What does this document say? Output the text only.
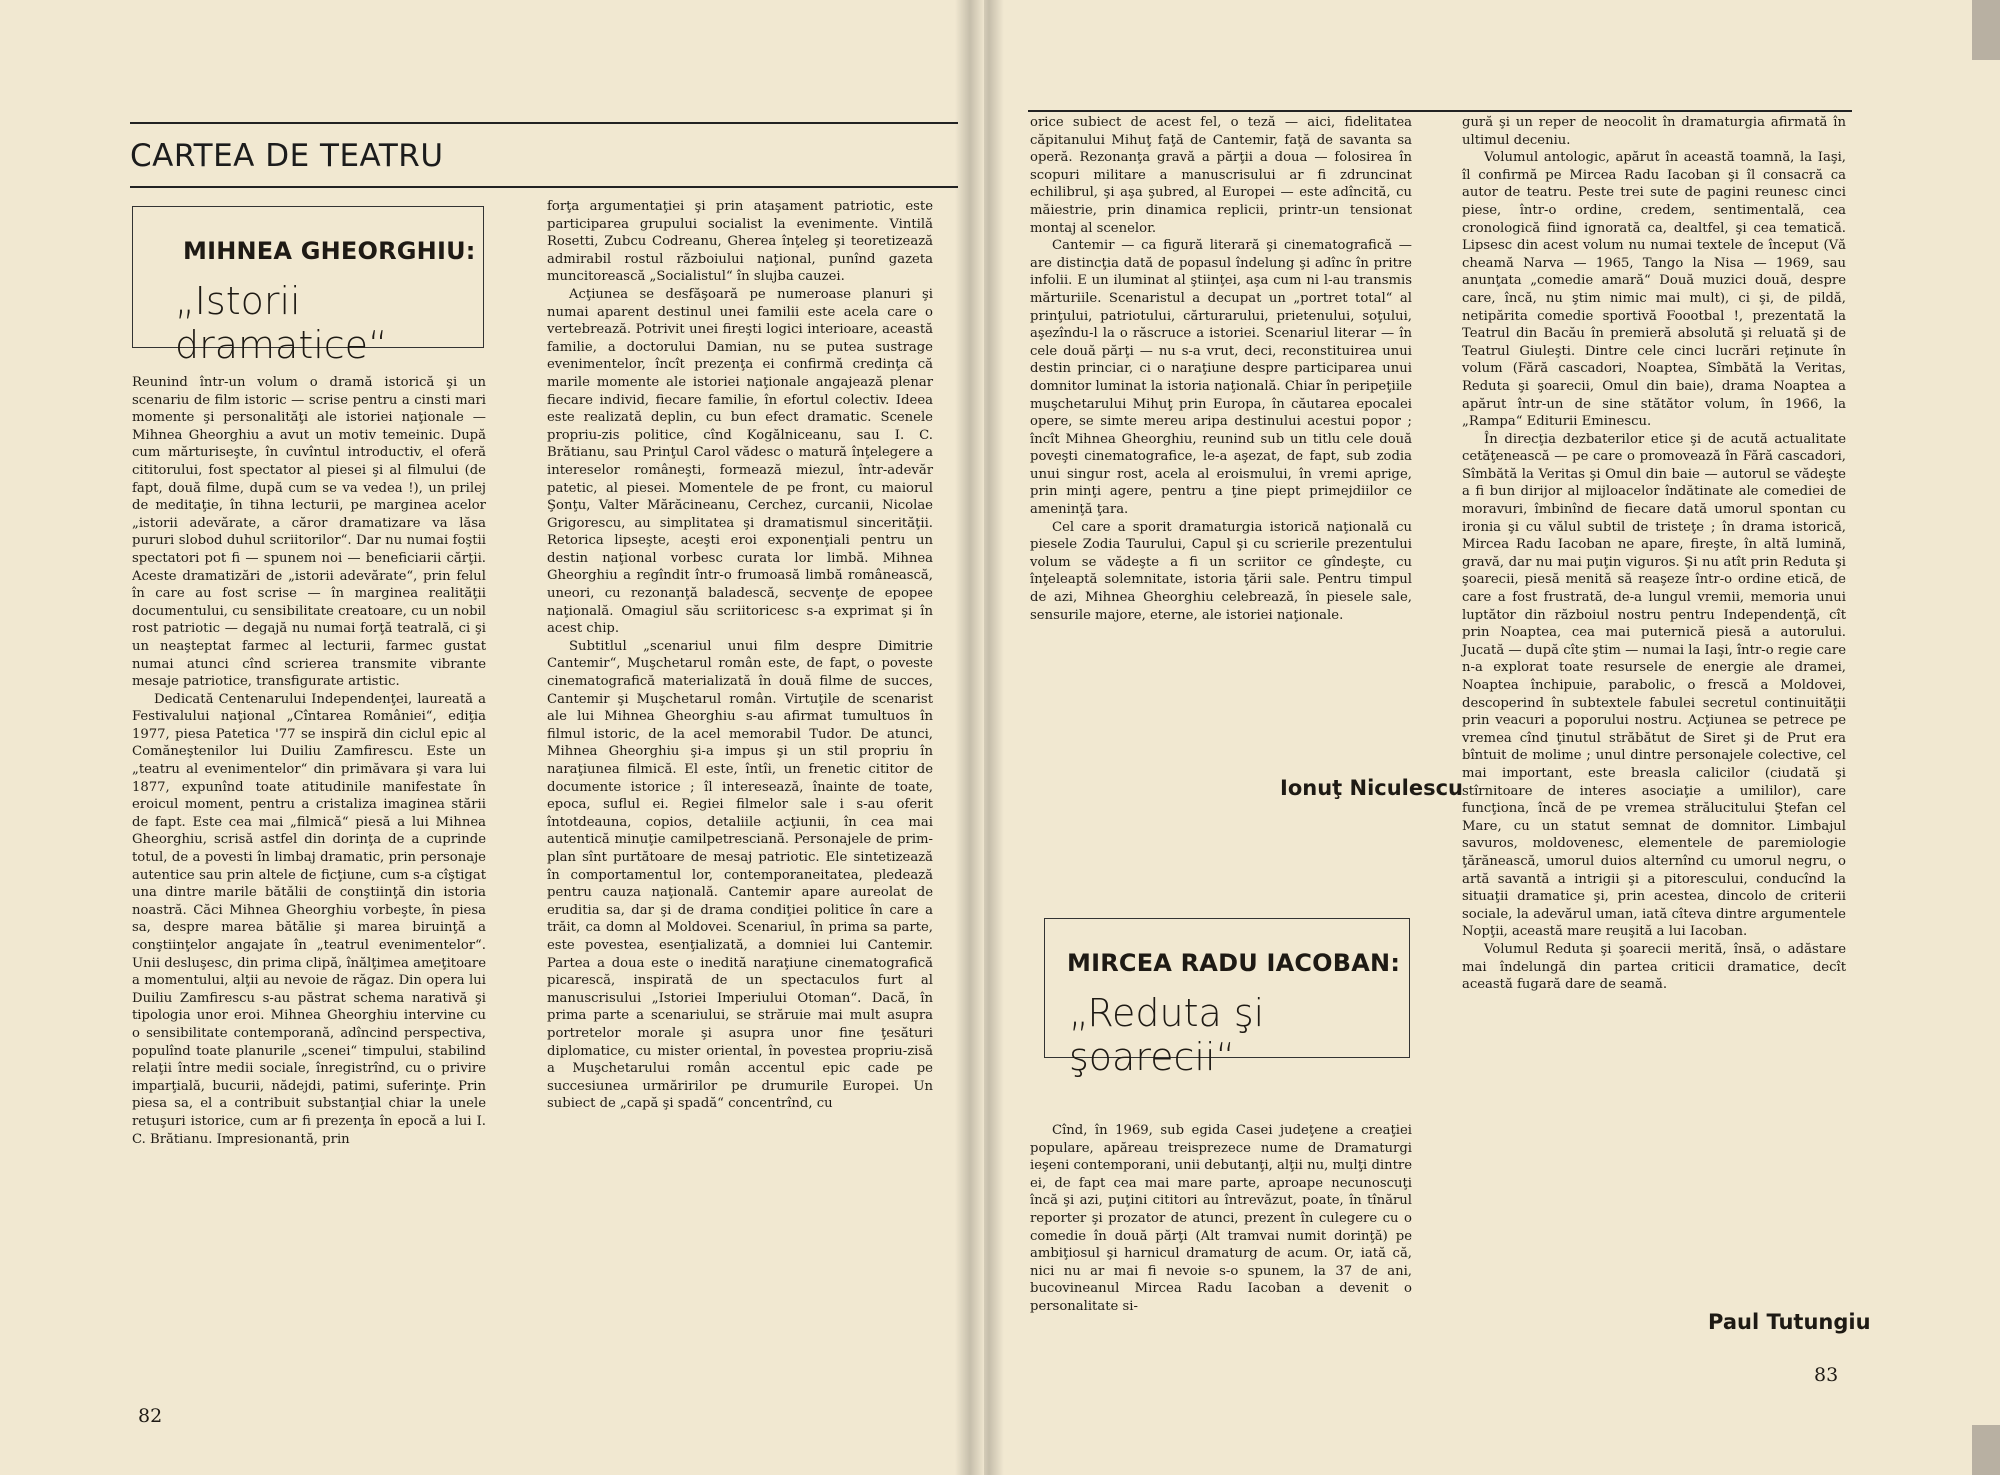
CARTEA DE TEATRU
MIHNEA GHEORGHIU:
„Istorii dramatice“

Reunind într-un volum o dramă istorică şi un scenariu de film istoric — scrise pentru a cinsti mari momente şi personalităţi ale istoriei naţionale — Mihnea Gheorghiu a avut un motiv temeinic. După cum mărturiseşte, în cuvîntul introductiv, el oferă cititorului, fost spectator al piesei şi al filmului (de fapt, două filme, după cum se va vedea !), un prilej de meditaţie, în tihna lecturii, pe marginea acelor „istorii adevărate, a căror dramatizare va lăsa pururi slobod duhul scriitorilor“. Dar nu numai foştii spectatori pot fi — spunem noi — beneficiarii cărţii. Aceste dramatizări de „istorii adevărate“, prin felul în care au fost scrise — în marginea realităţii documentului, cu sensibilitate creatoare, cu un nobil rost patriotic — degajă nu numai forţă teatrală, ci şi un neaşteptat farmec al lecturii, farmec gustat numai atunci cînd scrierea transmite vibrante mesaje patriotice, transfigurate artistic.

Dedicată Centenarului Independenţei, laureată a Festivalului naţional „Cîntarea României“, ediţia 1977, piesa Patetica '77 se inspiră din ciclul epic al Comăneştenilor lui Duiliu Zamfirescu. Este un „teatru al evenimentelor“ din primăvara şi vara lui 1877, expunînd toate atitudinile manifestate în eroicul moment, pentru a cristaliza imaginea stării de fapt. Este cea mai „filmică“ piesă a lui Mihnea Gheorghiu, scrisă astfel din dorinţa de a cuprinde totul, de a povesti în limbaj dramatic, prin personaje autentice sau prin altele de ficţiune, cum s-a cîştigat una dintre marile bătălii de conştiinţă din istoria noastră. Căci Mihnea Gheorghiu vorbeşte, în piesa sa, despre marea bătălie şi marea biruinţă a conştiinţelor angajate în „teatrul evenimentelor“. Unii desluşesc, din prima clipă, înălţimea ameţitoare a momentului, alţii au nevoie de răgaz. Din opera lui Duiliu Zamfirescu s-au păstrat schema narativă şi tipologia unor eroi. Mihnea Gheorghiu intervine cu o sensibilitate contemporană, adîncind perspectiva, populînd toate planurile „scenei“ timpului, stabilind relaţii între medii sociale, înregistrînd, cu o privire imparţială, bucurii, nădejdi, patimi, suferinţe. Prin piesa sa, el a contribuit substanţial chiar la unele retuşuri istorice, cum ar fi prezenţa în epocă a lui I. C. Brătianu. Impresionantă, prin

forţa argumentaţiei şi prin ataşament patriotic, este participarea grupului socialist la evenimente. Vintilă Rosetti, Zubcu Codreanu, Gherea înţeleg şi teoretizează admirabil rostul războiului naţional, punînd gazeta muncitorească „Socialistul“ în slujba cauzei.

Acţiunea se desfăşoară pe numeroase planuri şi numai aparent destinul unei familii este acela care o vertebrează. Potrivit unei fireşti logici interioare, această familie, a doctorului Damian, nu se putea sustrage evenimentelor, încît prezenţa ei confirmă credinţa că marile momente ale istoriei naţionale angajează plenar fiecare individ, fiecare familie, în efortul colectiv. Ideea este realizată deplin, cu bun efect dramatic. Scenele propriu-zis politice, cînd Kogălniceanu, sau I. C. Brătianu, sau Prinţul Carol vădesc o matură înţelegere a intereselor româneşti, formează miezul, într-adevăr patetic, al piesei. Momentele de pe front, cu maiorul Şonţu, Valter Mărăcineanu, Cerchez, curcanii, Nicolae Grigorescu, au simplitatea şi dramatismul sincerităţii. Retorica lipseşte, aceşti eroi exponenţiali pentru un destin naţional vorbesc curata lor limbă. Mihnea Gheorghiu a regîndit într-o frumoasă limbă românească, uneori, cu rezonanţă baladescă, secvenţe de epopee naţională. Omagiul său scriitoricesc s-a exprimat şi în acest chip.

Subtitlul „scenariul unui film despre Dimitrie Cantemir“, Muşchetarul român este, de fapt, o poveste cinematografică materializată în două filme de succes, Cantemir şi Muşchetarul român. Virtuţile de scenarist ale lui Mihnea Gheorghiu s-au afirmat tumultuos în filmul istoric, de la acel memorabil Tudor. De atunci, Mihnea Gheorghiu şi-a impus şi un stil propriu în naraţiunea filmică. El este, întîi, un frenetic cititor de documente istorice ; îl interesează, înainte de toate, epoca, suflul ei. Regiei filmelor sale i s-au oferit întotdeauna, copios, detaliile acţiunii, în cea mai autentică minuţie camilpetresciană. Personajele de prim-plan sînt purtătoare de mesaj patriotic. Ele sintetizează în comportamentul lor, contemporaneitatea, pledează pentru cauza naţională. Cantemir apare aureolat de eruditia sa, dar şi de drama condiţiei politice în care a trăit, ca domn al Moldovei. Scenariul, în prima sa parte, este povestea, esenţializată, a domniei lui Cantemir. Partea a doua este o inedită naraţiune cinematografică picarescă, inspirată de un spectaculos furt al manuscrisului „Istoriei Imperiului Otoman“. Dacă, în prima parte a scenariului, se străruie mai mult asupra portretelor morale şi asupra unor fine ţesături diplomatice, cu mister oriental, în povestea propriu-zisă a Muşchetarului român accentul epic cade pe succesiunea urmăririlor pe drumurile Europei. Un subiect de „capă şi spadă“ concentrînd, cu

82

orice subiect de acest fel, o teză — aici, fidelitatea căpitanului Mihuţ faţă de Cantemir, faţă de savanta sa operă. Rezonanţa gravă a părţii a doua — folosirea în scopuri militare a manuscrisului ar fi zdruncinat echilibrul, şi aşa şubred, al Europei — este adîncită, cu măiestrie, prin dinamica replicii, printr-un tensionat montaj al scenelor.

Cantemir — ca figură literară şi cinematografică — are distincţia dată de popasul îndelung şi adînc în pritre infolii. E un iluminat al ştiinţei, aşa cum ni l-au transmis mărturiile. Scenaristul a decupat un „portret total“ al prinţului, patriotului, cărturarului, prietenului, soţului, aşezîndu-l la o răscruce a istoriei. Scenariul literar — în cele două părţi — nu s-a vrut, deci, reconstituirea unui destin princiar, ci o naraţiune despre participarea unui domnitor luminat la istoria naţională. Chiar în peripeţiile muşchetarului Mihuţ prin Europa, în căutarea epocalei opere, se simte mereu aripa destinului acestui popor ; încît Mihnea Gheorghiu, reunind sub un titlu cele două poveşti cinematografice, le-a aşezat, de fapt, sub zodia unui singur rost, acela al eroismului, în vremi aprige, prin minţi agere, pentru a ţine piept primejdiilor ce ameninţă ţara.

Cel care a sporit dramaturgia istorică naţională cu piesele Zodia Taurului, Capul şi cu scrierile prezentului volum se vădeşte a fi un scriitor ce gîndeşte, cu înţeleaptă solemnitate, istoria ţării sale. Pentru timpul de azi, Mihnea Gheorghiu celebrează, în piesele sale, sensurile majore, eterne, ale istoriei naţionale.

Ionuţ Niculescu
MIRCEA RADU IACOBAN:
„Reduta şi şoarecii“

Cînd, în 1969, sub egida Casei judeţene a creaţiei populare, apăreau treisprezece nume de Dramaturgi ieşeni contemporani, unii debutanţi, alţii nu, mulţi dintre ei, de fapt cea mai mare parte, aproape necunoscuţi încă şi azi, puţini cititori au întrevăzut, poate, în tînărul reporter şi prozator de atunci, prezent în culegere cu o comedie în două părţi (Alt tramvai numit dorinţă) pe ambiţiosul şi harnicul dramaturg de acum. Or, iată că, nici nu ar mai fi nevoie s-o spunem, la 37 de ani, bucovineanul Mircea Radu Iacoban a devenit o personalitate si-

gură şi un reper de neocolit în dramaturgia afirmată în ultimul deceniu.

Volumul antologic, apărut în această toamnă, la Iaşi, îl confirmă pe Mircea Radu Iacoban şi îl consacră ca autor de teatru. Peste trei sute de pagini reunesc cinci piese, într-o ordine, credem, sentimentală, cea cronologică fiind ignorată ca, dealtfel, şi cea tematică. Lipsesc din acest volum nu numai textele de început (Vă cheamă Narva — 1965, Tango la Nisa — 1969, sau anunţata „comedie amară“ Două muzici două, despre care, încă, nu ştim nimic mai mult), ci şi, de pildă, netipărita comedie sportivă Foootbal !, prezentată la Teatrul din Bacău în premieră absolută şi reluată şi de Teatrul Giuleşti. Dintre cele cinci lucrări reţinute în volum (Fără cascadori, Noaptea, Sîmbătă la Veritas, Reduta şi şoarecii, Omul din baie), drama Noaptea a apărut într-un de sine stătător volum, în 1966, la „Rampa“ Editurii Eminescu.

În direcţia dezbaterilor etice şi de acută actualitate cetăţenească — pe care o promovează în Fără cascadori, Sîmbătă la Veritas şi Omul din baie — autorul se vădeşte a fi bun dirijor al mijloacelor îndătinate ale comediei de moravuri, îmbinînd de fiecare dată umorul spontan cu ironia şi cu vălul subtil de tristeţe ; în drama istorică, Mircea Radu Iacoban ne apare, fireşte, în altă lumină, gravă, dar nu mai puţin viguros. Şi nu atît prin Reduta şi şoarecii, piesă menită să reaşeze într-o ordine etică, de care a fost frustrată, de-a lungul vremii, memoria unui luptător din războiul nostru pentru Independenţă, cît prin Noaptea, cea mai puternică piesă a autorului. Jucată — după cîte ştim — numai la Iaşi, într-o regie care n-a explorat toate resursele de energie ale dramei, Noaptea închipuie, parabolic, o frescă a Moldovei, descoperind în subtextele fabulei secretul continuităţii prin veacuri a poporului nostru. Acţiunea se petrece pe vremea cînd ţinutul străbătut de Siret şi de Prut era bîntuit de molime ; unul dintre personajele colective, cel mai important, este breasla calicilor (ciudată şi stîrnitoare de interes asociaţie a umililor), care funcţiona, încă de pe vremea strălucitului Ştefan cel Mare, cu un statut semnat de domnitor. Limbajul savuros, moldovenesc, elementele de paremiologie ţărănească, umorul duios alternînd cu umorul negru, o artă savantă a intrigii şi a pitorescului, conducînd la situaţii dramatice şi, prin acestea, dincolo de criterii sociale, la adevărul uman, iată cîteva dintre argumentele Nopţii, această mare reuşită a lui Iacoban.

Volumul Reduta şi şoarecii merită, însă, o adăstare mai îndelungă din partea criticii dramatice, decît această fugară dare de seamă.

Paul Tutungiu
83
